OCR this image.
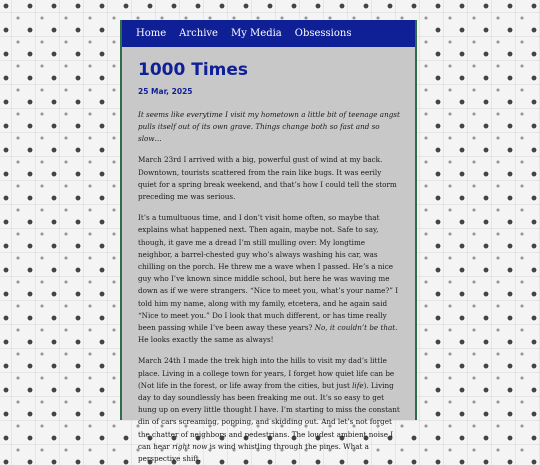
Home Archive My Media Obsessions
1000 Times
25 Mar, 2025

It seems like everytime I visit my hometown a little bit of teenage angst pulls itself out of its own grave. Things change both so fast and so slow…

March 23rd I arrived with a big, powerful gust of wind at my back. Downtown, tourists scattered from the rain like bugs. It was eerily quiet for a spring break weekend, and that’s how I could tell the storm preceding me was serious.

It’s a tumultuous time, and I don’t visit home often, so maybe that explains what happened next. Then again, maybe not. Safe to say, though, it gave me a dread I’m still mulling over: My longtime neighbor, a barrel-chested guy who’s always washing his car, was chilling on the porch. He threw me a wave when I passed. He’s a nice guy who I’ve known since middle school, but here he was waving me down as if we were strangers. “Nice to meet you, what’s your name?” I told him my name, along with my family, etcetera, and he again said “Nice to meet you.” Do I look that much different, or has time really been passing while I’ve been away these years? No, it couldn’t be that. He looks exactly the same as always!

March 24th I made the trek high into the hills to visit my dad’s little place. Living in a college town for years, I forget how quiet life can be (Not life in the forest, or life away from the cities, but just life). Living day to day soundlessly has been freaking me out. It’s so easy to get hung up on every little thought I have. I’m starting to miss the constant din of cars screaming, popping, and skidding out. And let’s not forget the chatter of neighbors and pedestrians. The loudest ambient noise I can hear right now is wind whistling through the pines. What a perspective shift.
